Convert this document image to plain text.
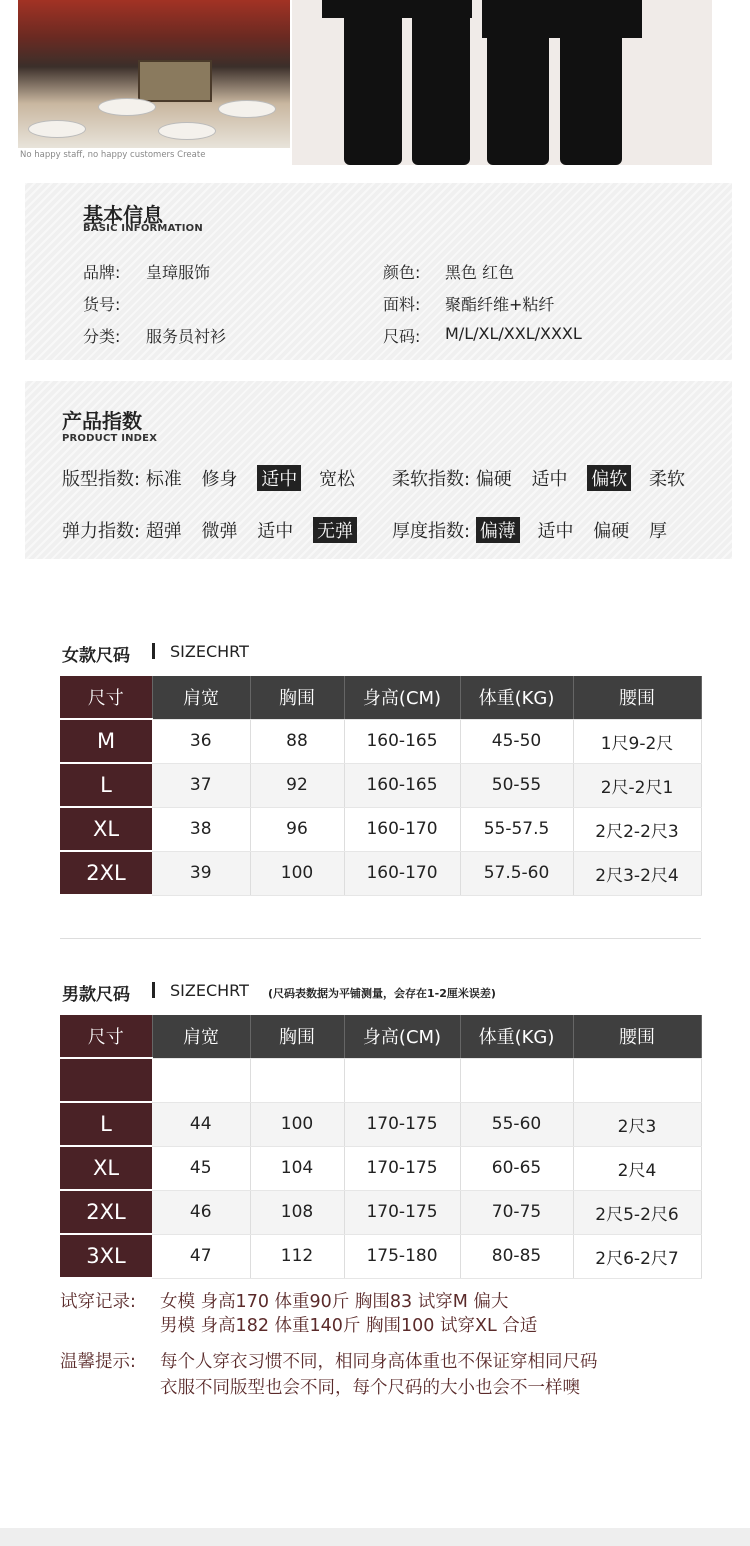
No happy staff, no happy customers Create
基本信息
BASIC INFORMATION
品牌: 皇璋服饰
货号:
分类: 服务员衬衫
颜色: 黑色 红色
面料: 聚酯纤维+粘纤
尺码: M/L/XL/XXL/XXXL
产品指数
PRODUCT INDEX
版型指数: 标准 修身 适中 宽松	柔软指数: 偏硬 适中 偏软 柔软
弹力指数: 超弹 微弹 适中 无弹	厚度指数: 偏薄 适中 偏硬 厚
女款尺码	SIZECHRT
尺寸	肩宽	胸围	身高(CM)	体重(KG)	腰围
M	36	88	160-165	45-50	1尺9-2尺
L	37	92	160-165	50-55	2尺-2尺1
XL	38	96	160-170	55-57.5	2尺2-2尺3
2XL	39	100	160-170	57.5-60	2尺3-2尺4
男款尺码	SIZECHRT (尺码表数据为平铺测量，会存在1-2厘米误差)
尺寸	肩宽	胸围	身高(CM)	体重(KG)	腰围

L	44	100	170-175	55-60	2尺3
XL	45	104	170-175	60-65	2尺4
2XL	46	108	170-175	70-75	2尺5-2尺6
3XL	47	112	175-180	80-85	2尺6-2尺7
试穿记录: 女模 身高170 体重90斤 胸围83 试穿M 偏大
男模 身高182 体重140斤 胸围100 试穿XL 合适
温馨提示: 每个人穿衣习惯不同，相同身高体重也不保证穿相同尺码
衣服不同版型也会不同，每个尺码的大小也会不一样噢
